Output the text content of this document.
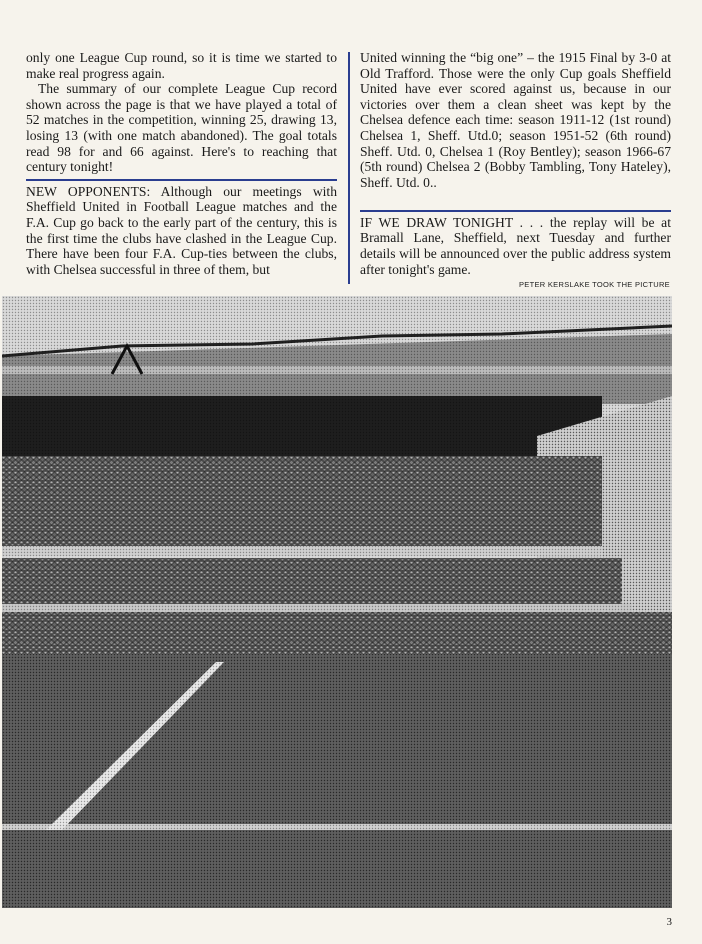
only one League Cup round, so it is time we started to make real progress again.

The summary of our complete League Cup record shown across the page is that we have played a total of 52 matches in the competition, winning 25, drawing 13, losing 13 (with one match abandoned). The goal totals read 98 for and 66 against. Here's to reaching that century tonight!

NEW OPPONENTS: Although our meetings with Sheffield United in Football League matches and the F.A. Cup go back to the early part of the century, this is the first time the clubs have clashed in the League Cup. There have been four F.A. Cup-ties between the clubs, with Chelsea successful in three of them, but

United winning the “big one” – the 1915 Final by 3-0 at Old Trafford. Those were the only Cup goals Sheffield United have ever scored against us, because in our victories over them a clean sheet was kept by the Chelsea defence each time: season 1911-12 (1st round) Chelsea 1, Sheff. Utd.0; season 1951-52 (6th round) Sheff. Utd. 0, Chelsea 1 (Roy Bentley); season 1966-67 (5th round) Chelsea 2 (Bobby Tambling, Tony Hateley), Sheff. Utd. 0..

IF WE DRAW TONIGHT . . . the replay will be at Bramall Lane, Sheffield, next Tuesday and further details will be announced over the public address system after tonight's game.

PETER KERSLAKE TOOK THE PICTURE
3
